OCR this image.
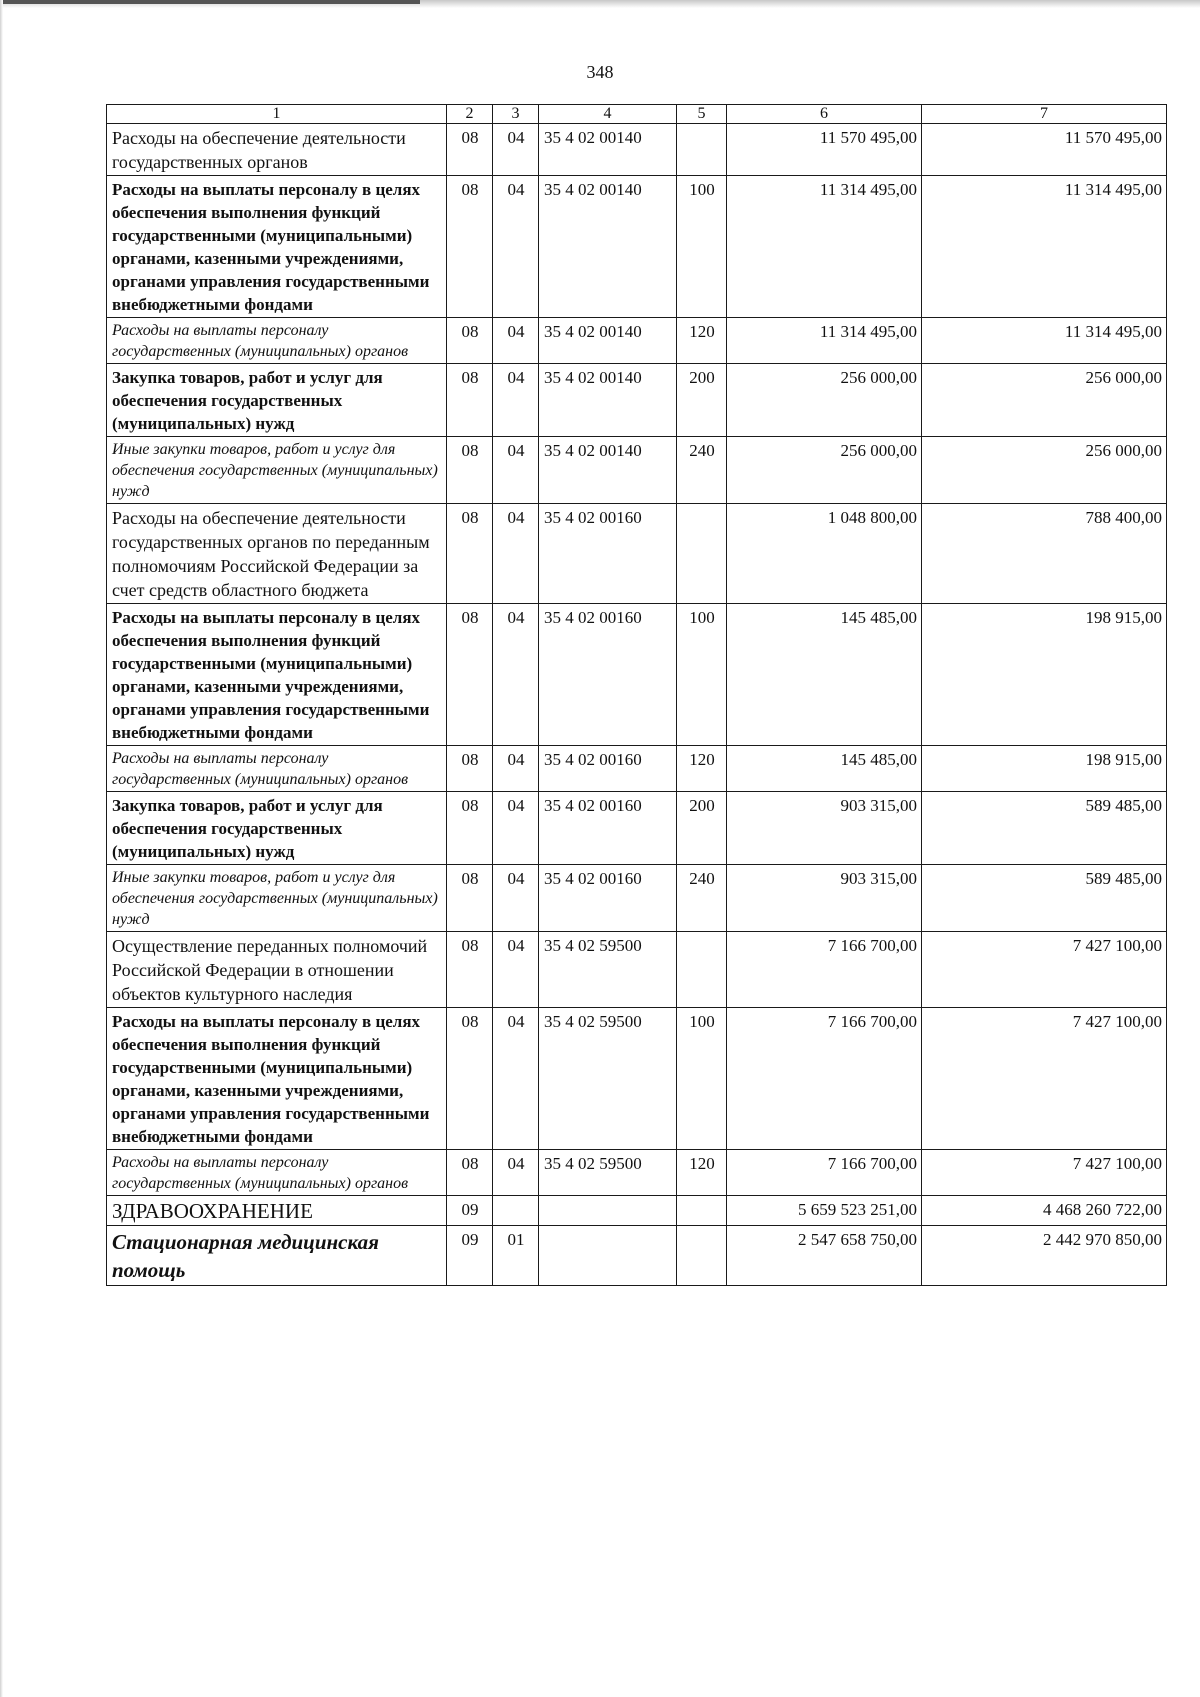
348
1	2	3	4	5	6	7
Расходы на обеспечение деятельности государственных органов	08	04	35 4 02 00140		11 570 495,00	11 570 495,00
Расходы на выплаты персоналу в целях обеспечения выполнения функций государственными (муниципальными) органами, казенными учреждениями, органами управления государственными внебюджетными фондами	08	04	35 4 02 00140	100	11 314 495,00	11 314 495,00
Расходы на выплаты персоналу государственных (муниципальных) органов	08	04	35 4 02 00140	120	11 314 495,00	11 314 495,00
Закупка товаров, работ и услуг для обеспечения государственных (муниципальных) нужд	08	04	35 4 02 00140	200	256 000,00	256 000,00
Иные закупки товаров, работ и услуг для обеспечения государственных (муниципальных) нужд	08	04	35 4 02 00140	240	256 000,00	256 000,00
Расходы на обеспечение деятельности государственных органов по переданным полномочиям Российской Федерации за счет средств областного бюджета	08	04	35 4 02 00160		1 048 800,00	788 400,00
Расходы на выплаты персоналу в целях обеспечения выполнения функций государственными (муниципальными) органами, казенными учреждениями, органами управления государственными внебюджетными фондами	08	04	35 4 02 00160	100	145 485,00	198 915,00
Расходы на выплаты персоналу государственных (муниципальных) органов	08	04	35 4 02 00160	120	145 485,00	198 915,00
Закупка товаров, работ и услуг для обеспечения государственных (муниципальных) нужд	08	04	35 4 02 00160	200	903 315,00	589 485,00
Иные закупки товаров, работ и услуг для обеспечения государственных (муниципальных) нужд	08	04	35 4 02 00160	240	903 315,00	589 485,00
Осуществление переданных полномочий Российской Федерации в отношении объектов культурного наследия	08	04	35 4 02 59500		7 166 700,00	7 427 100,00
Расходы на выплаты персоналу в целях обеспечения выполнения функций государственными (муниципальными) органами, казенными учреждениями, органами управления государственными внебюджетными фондами	08	04	35 4 02 59500	100	7 166 700,00	7 427 100,00
Расходы на выплаты персоналу государственных (муниципальных) органов	08	04	35 4 02 59500	120	7 166 700,00	7 427 100,00
ЗДРАВООХРАНЕНИЕ	09				5 659 523 251,00	4 468 260 722,00
Стационарная медицинская помощь	09	01			2 547 658 750,00	2 442 970 850,00
